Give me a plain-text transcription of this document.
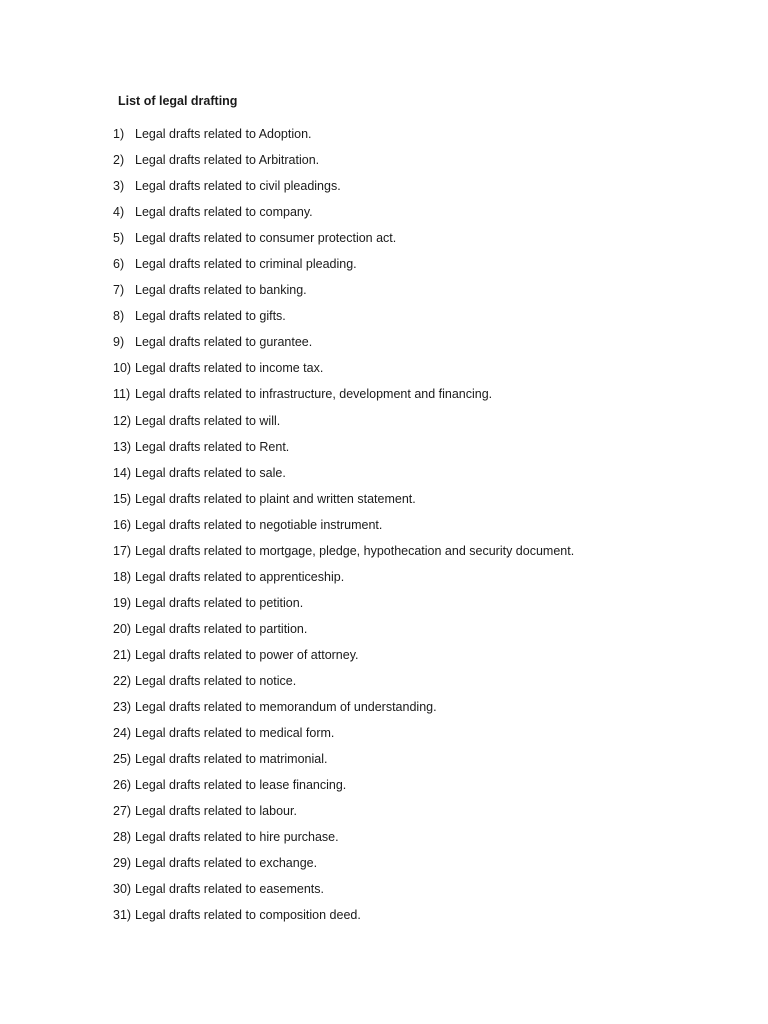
List of legal drafting
1) Legal drafts related to Adoption.
2) Legal drafts related to Arbitration.
3) Legal drafts related to civil pleadings.
4) Legal drafts related to company.
5) Legal drafts related to consumer protection act.
6) Legal drafts related to criminal pleading.
7) Legal drafts related to banking.
8) Legal drafts related to gifts.
9) Legal drafts related to gurantee.
10) Legal drafts related to income tax.
11) Legal drafts related to infrastructure, development and financing.
12) Legal drafts related to will.
13) Legal drafts related to Rent.
14) Legal drafts related to sale.
15) Legal drafts related to plaint and written statement.
16) Legal drafts related to negotiable instrument.
17) Legal drafts related to mortgage, pledge, hypothecation and security document.
18) Legal drafts related to apprenticeship.
19) Legal drafts related to petition.
20) Legal drafts related to partition.
21) Legal drafts related to power of attorney.
22) Legal drafts related to notice.
23) Legal drafts related to memorandum of understanding.
24) Legal drafts related to medical form.
25) Legal drafts related to matrimonial.
26) Legal drafts related to lease financing.
27) Legal drafts related to labour.
28) Legal drafts related to hire purchase.
29) Legal drafts related to exchange.
30) Legal drafts related to easements.
31) Legal drafts related to composition deed.
